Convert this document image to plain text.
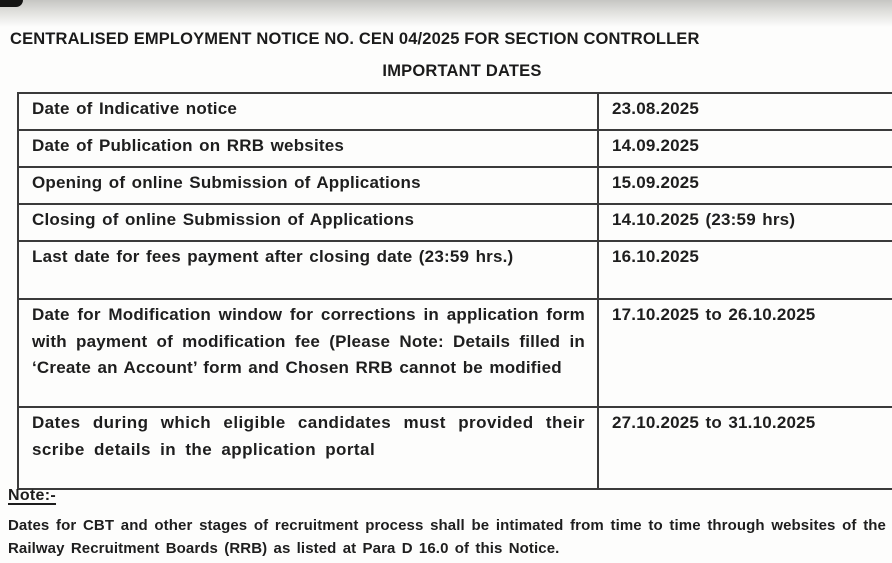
CENTRALISED EMPLOYMENT NOTICE NO. CEN 04/2025 FOR SECTION CONTROLLER
IMPORTANT DATES
Date of Indicative notice	23.08.2025
Date of Publication on RRB websites	14.09.2025
Opening of online Submission of Applications	15.09.2025
Closing of online Submission of Applications	14.10.2025 (23:59 hrs)
Last date for fees payment after closing date (23:59 hrs.)	16.10.2025
Date for Modification window for corrections in application form with payment of modification fee (Please Note: Details filled in ‘Create an Account’ form and Chosen RRB cannot be modified	17.10.2025 to 26.10.2025
Dates during which eligible candidates must provided their scribe details in the application portal	27.10.2025 to 31.10.2025
Note:-
Dates for CBT and other stages of recruitment process shall be intimated from time to time through websites of the Railway Recruitment Boards (RRB) as listed at Para D 16.0 of this Notice.
